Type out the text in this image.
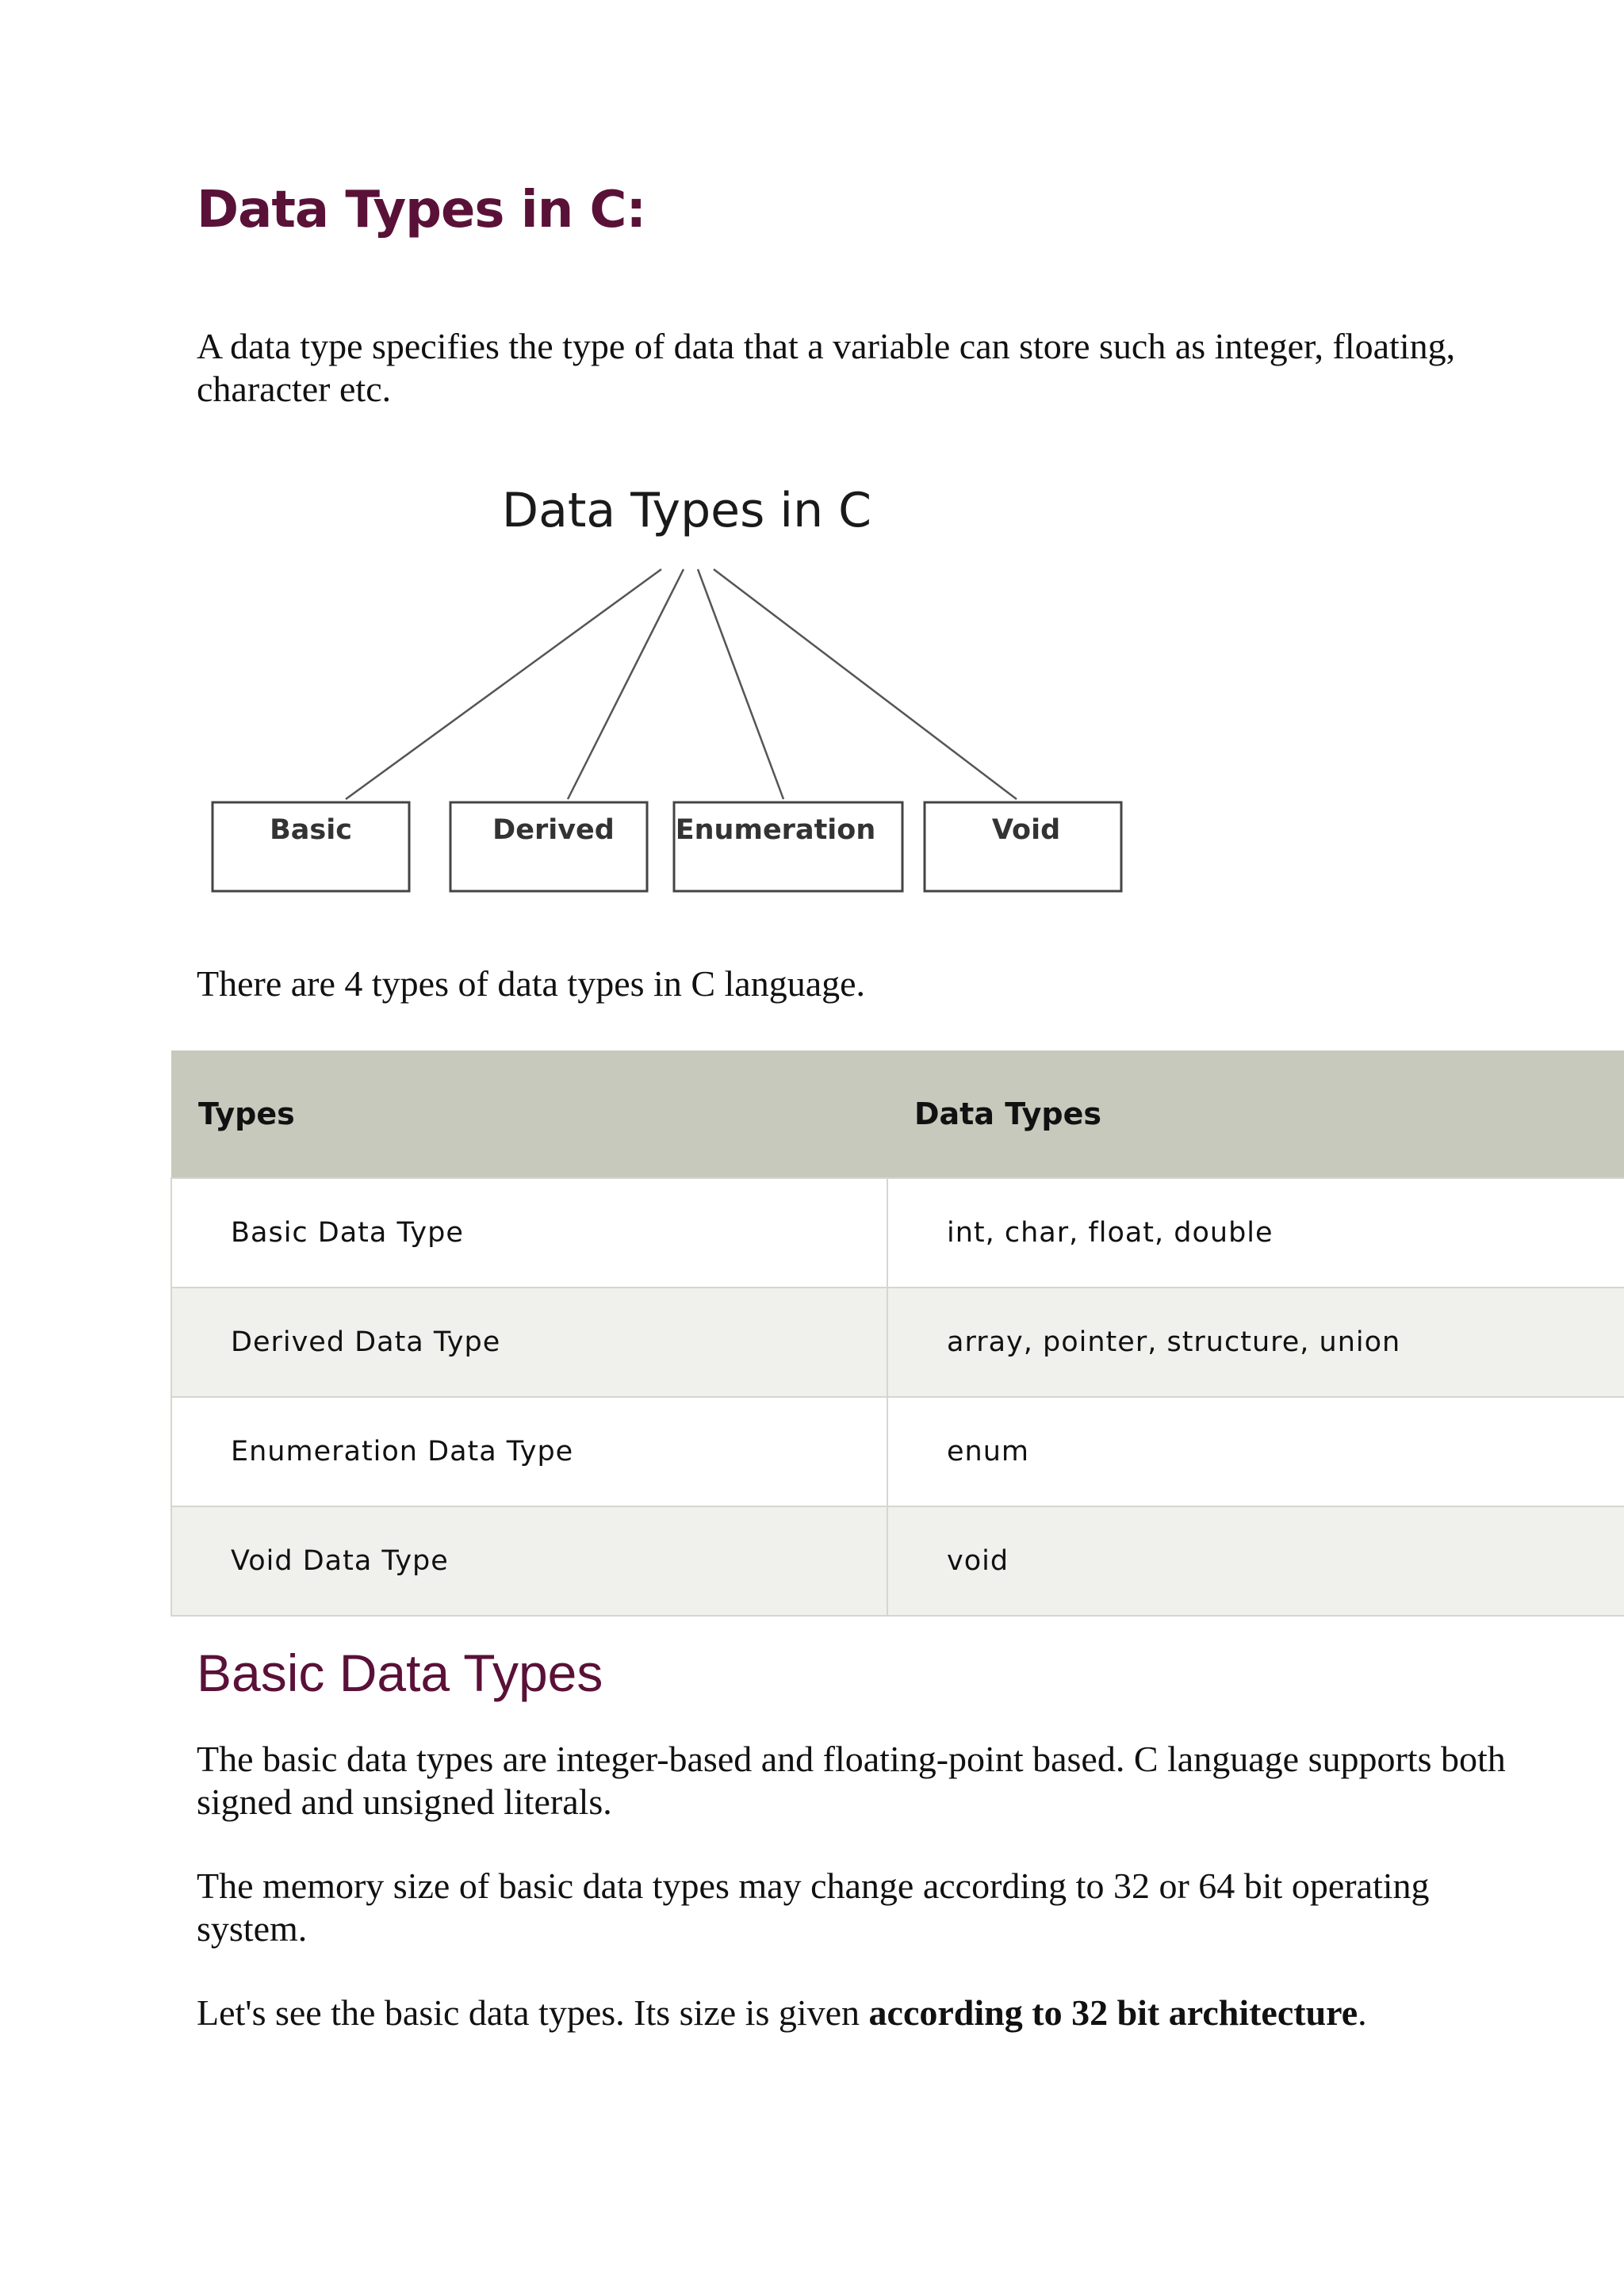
Data Types in C:

A data type specifies the type of data that a variable can store such as integer, floating, character etc.

Data Types in C
Basic	Derived Enumeration	Void

There are 4 types of data types in C language.

Types	Data Types
Basic Data Type	int, char, float, double
Derived Data Type	array, pointer, structure, union
Enumeration Data Type	enum
Void Data Type	void
Basic Data Types

The basic data types are integer-based and floating-point based. C language supports both signed and unsigned literals.

The memory size of basic data types may change according to 32 or 64 bit operating system.

Let's see the basic data types. Its size is given according to 32 bit architecture.
